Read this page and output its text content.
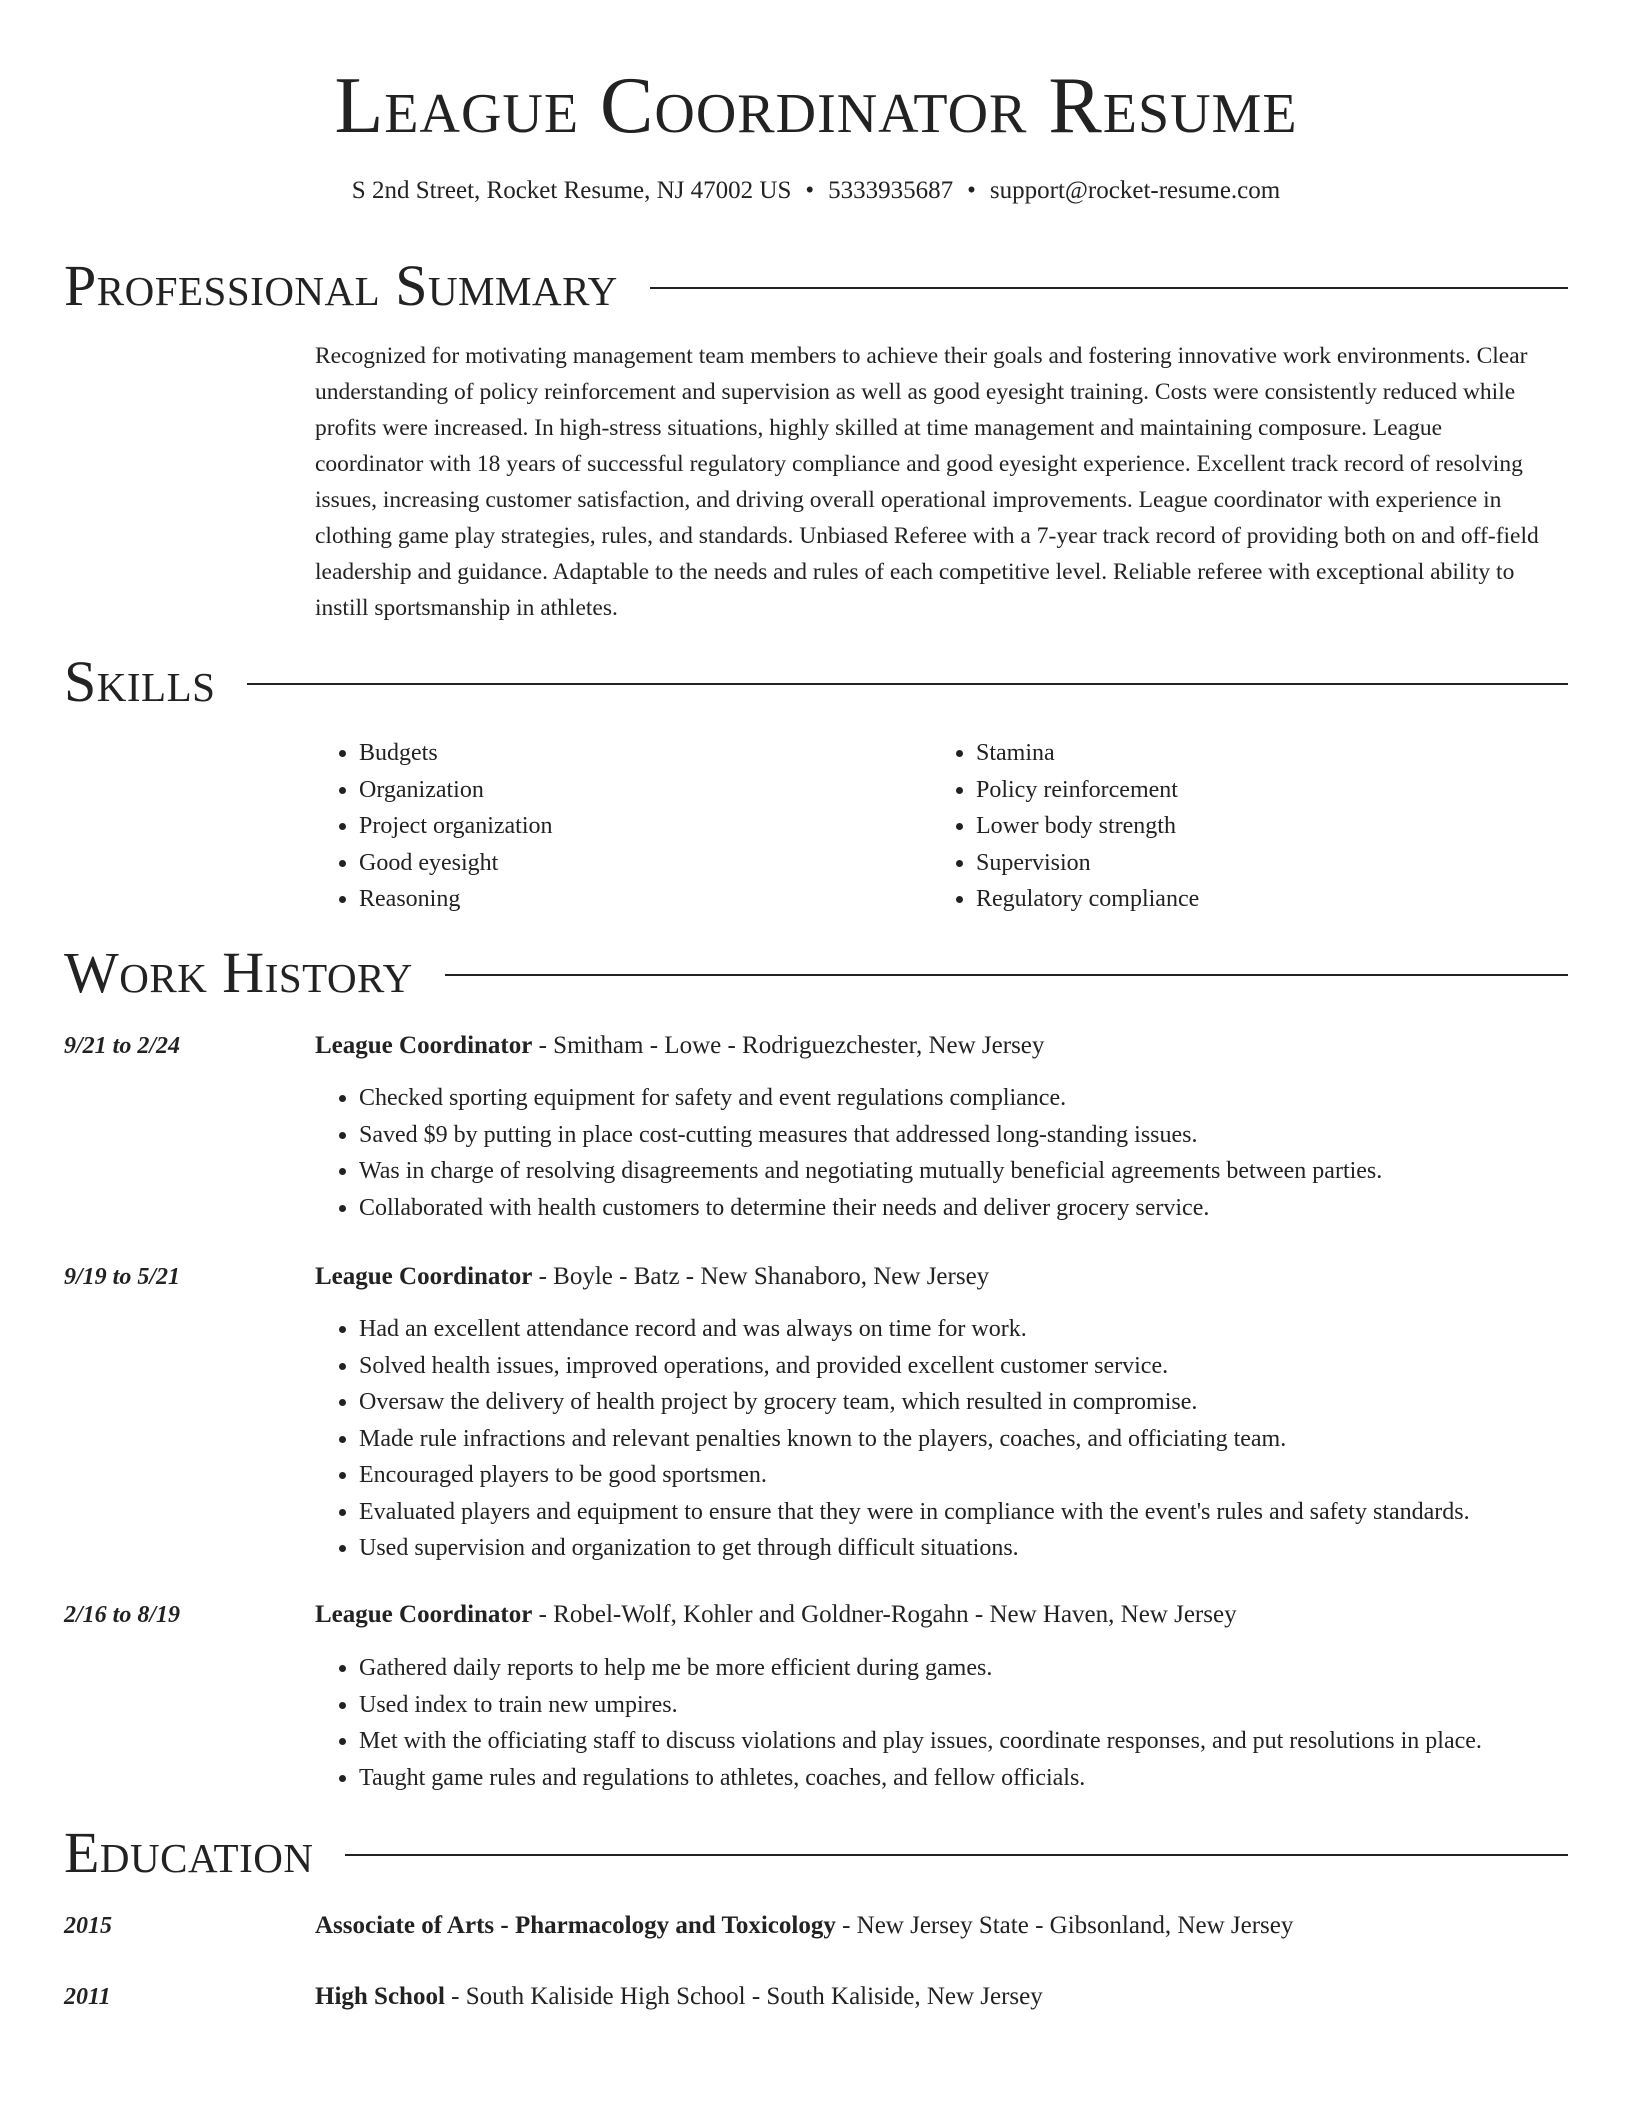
League Coordinator Resume
S 2nd Street, Rocket Resume, NJ 47002 US • 5333935687 • support@rocket-resume.com
Professional Summary

Recognized for motivating management team members to achieve their goals and fostering innovative work environments. Clear understanding of policy reinforcement and supervision as well as good eyesight training. Costs were consistently reduced while profits were increased. In high-stress situations, highly skilled at time management and maintaining composure. League coordinator with 18 years of successful regulatory compliance and good eyesight experience. Excellent track record of resolving issues, increasing customer satisfaction, and driving overall operational improvements. League coordinator with experience in clothing game play strategies, rules, and standards. Unbiased Referee with a 7-year track record of providing both on and off-field leadership and guidance. Adaptable to the needs and rules of each competitive level. Reliable referee with exceptional ability to instill sportsmanship in athletes.

Skills
• Budgets
• Organization
• Project organization
• Good eyesight
• Reasoning
• Stamina
• Policy reinforcement
• Lower body strength
• Supervision
• Regulatory compliance
Work History
9/21 to 2/24	League Coordinator - Smitham - Lowe - Rodriguezchester, New Jersey
• Checked sporting equipment for safety and event regulations compliance.
• Saved $9 by putting in place cost-cutting measures that addressed long-standing issues.
• Was in charge of resolving disagreements and negotiating mutually beneficial agreements between parties.
• Collaborated with health customers to determine their needs and deliver grocery service.
9/19 to 5/21	League Coordinator - Boyle - Batz - New Shanaboro, New Jersey
• Had an excellent attendance record and was always on time for work.
• Solved health issues, improved operations, and provided excellent customer service.
• Oversaw the delivery of health project by grocery team, which resulted in compromise.
• Made rule infractions and relevant penalties known to the players, coaches, and officiating team.
• Encouraged players to be good sportsmen.
• Evaluated players and equipment to ensure that they were in compliance with the event's rules and safety standards.
• Used supervision and organization to get through difficult situations.
2/16 to 8/19	League Coordinator - Robel-Wolf, Kohler and Goldner-Rogahn - New Haven, New Jersey
• Gathered daily reports to help me be more efficient during games.
• Used index to train new umpires.
• Met with the officiating staff to discuss violations and play issues, coordinate responses, and put resolutions in place.
• Taught game rules and regulations to athletes, coaches, and fellow officials.
Education
2015	Associate of Arts - Pharmacology and Toxicology - New Jersey State - Gibsonland, New Jersey
2011	High School - South Kaliside High School - South Kaliside, New Jersey
